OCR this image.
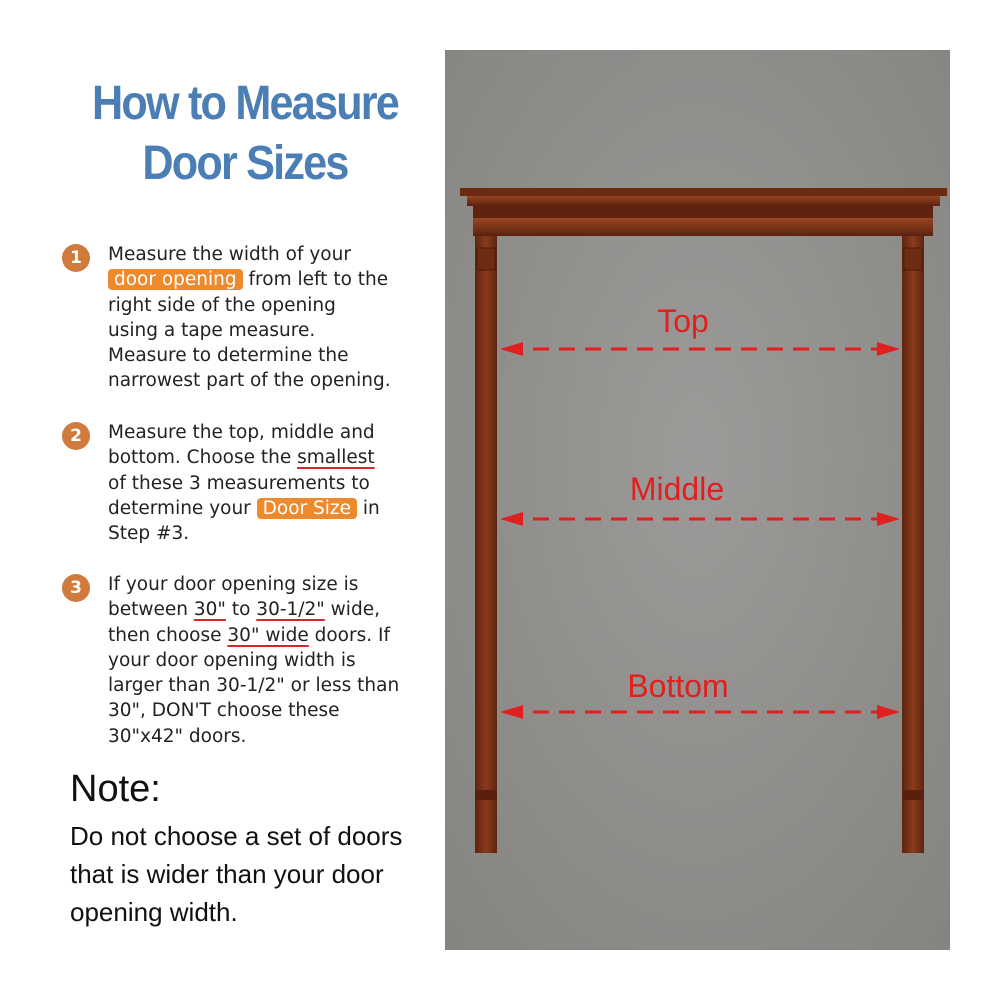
How to Measure
Door Sizes
1	Measure the width of your
door opening from left to the
right side of the opening
using a tape measure.
Measure to determine the
narrowest part of the opening.
2	Measure the top, middle and
bottom. Choose the smallest
of these 3 measurements to
determine your Door Size in
Step #3.
3	If your door opening size is
between 30" to 30-1/2" wide,
then choose 30" wide doors. If
your door opening width is
larger than 30-1/2" or less than
30", DON'T choose these
30"x42" doors.
Note:
Do not choose a set of doors that is wider than your door opening width.
Top
Middle
Bottom
